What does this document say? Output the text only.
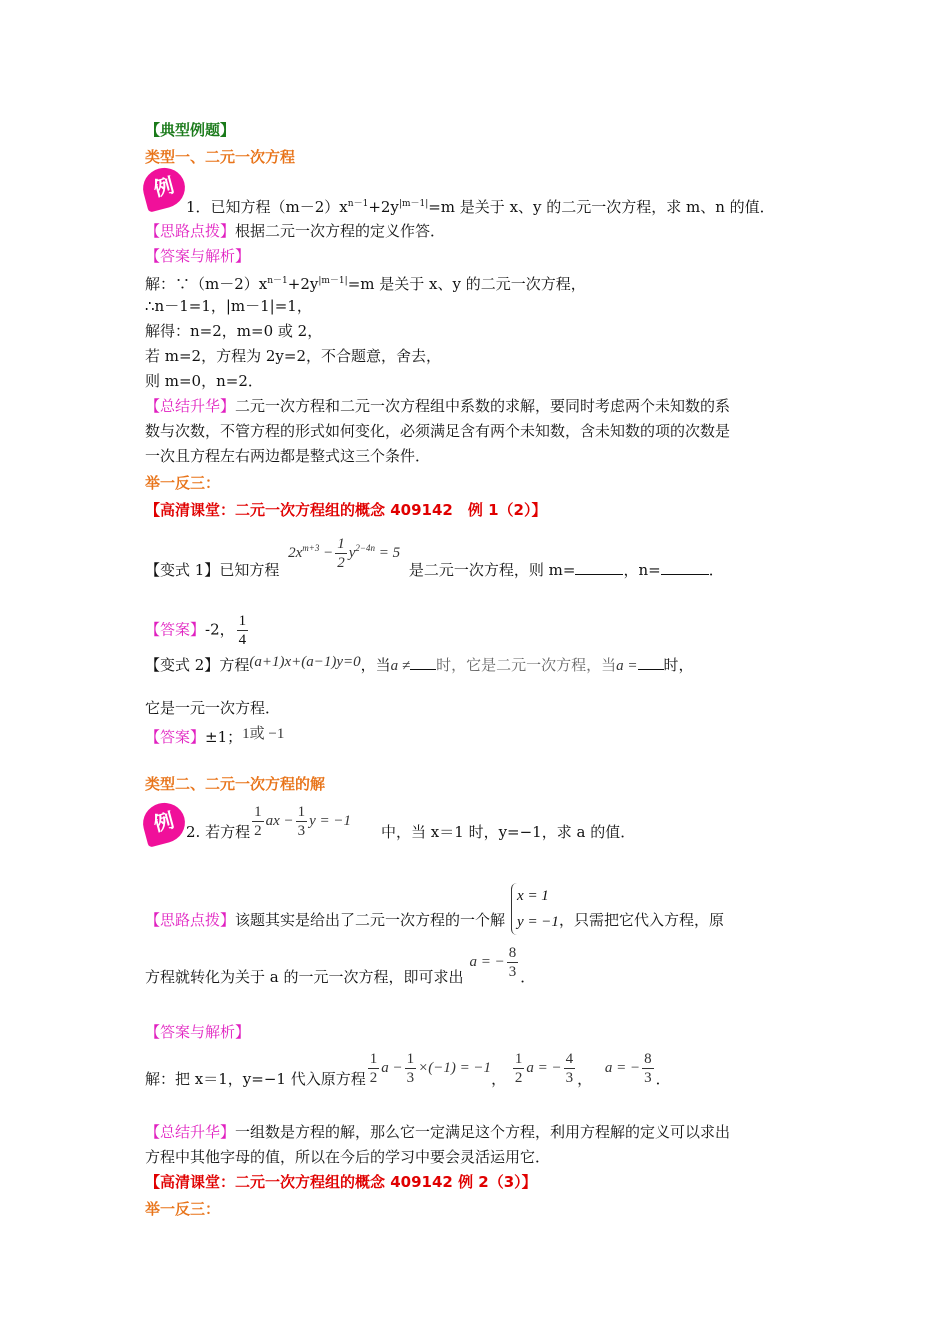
【典型例题】
类型一、二元一次方程
例
1．已知方程$(m-2)x^{n-1}+2y^{|m-1|}=m$ 是关于 x、y 的二元一次方程，求 m、n 的值．
【思路点拨】根据二元一次方程的定义作答．
【答案与解析】
解：$\because(m-2)x^{n-1}+2y^{|m-1|}=m$ 是关于 x、y 的二元一次方程，
∴n－1=1，|m－1|=1，
解得：n=2，m=0 或 2，
若 m=2，方程为 2y=2，不合题意，舍去，
则 m=0，n=2．
【总结升华】二元一次方程和二元一次方程组中系数的求解，要同时考虑两个未知数的系
数与次数，不管方程的形式如何变化，必须满足含有两个未知数，含未知数的项的次数是
一次且方程左右两边都是整式这三个条件．
举一反三：
【高清课堂：二元一次方程组的概念 409142　例 1（2）】
【变式 1】已知方程 $2x^{m+3} - \frac{1}{2} y^{2-4n} = 5$ 是二元一次方程，则 m=	，n=	．
【答案】-2， $\frac{1}{4}$
【变式 2】方程(a+1)x+(a−1)y=0，当a ≠ 时，它是二元一次方程，当a = 时，
它是一元一次方程．
【答案】±1；1或 −1
类型二、二元一次方程的解
例 2. 若方程 $\frac{1}{2}$ ax − $\frac{1}{3}$ y = −1中，当 x＝1 时，y=−1，求 a 的值．
【思路点拨】该题其实是给出了二元一次方程的一个解
x = 1
y = −1 ，只需把它代入方程，原
方程就转化为关于 a 的一元一次方程，即可求出a = − $\frac{8}{3}$ ．
【答案与解析】
解：把 x＝1，y=−1 代入原方程 $\frac{1}{2}$ $a - \frac{1}{3} \times(-1) = -1$， $\frac{1}{2}$ a = − $\frac{4}{3}$ ， a = − $\frac{8}{3}$ ．
【总结升华】一组数是方程的解，那么它一定满足这个方程，利用方程解的定义可以求出
方程中其他字母的值，所以在今后的学习中要会灵活运用它．
【高清课堂：二元一次方程组的概念 409142 例 2（3）】
举一反三：
